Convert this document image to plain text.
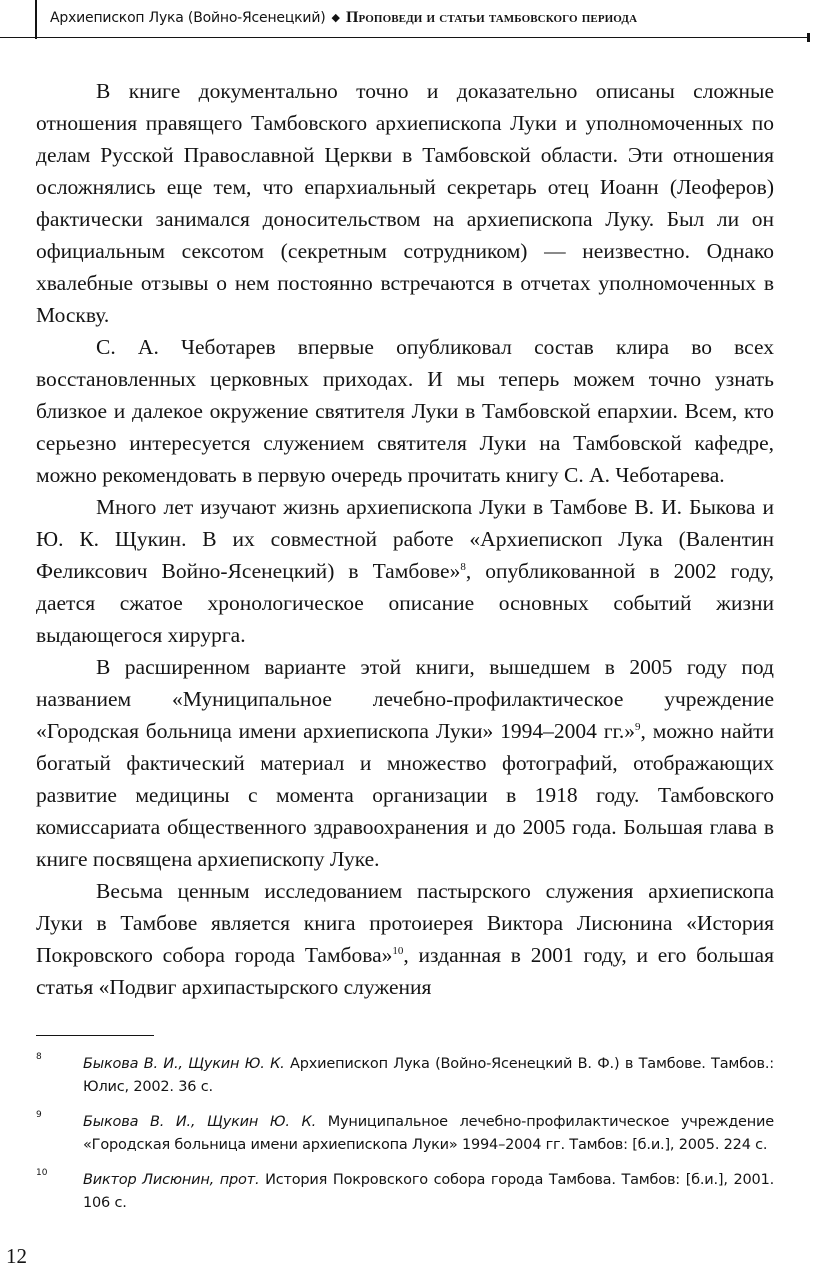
Архиепископ Лука (Войно-Ясенецкий) ◆ Проповеди и статьи тамбовского периода

В книге документально точно и доказательно описаны сложные отношения правящего Тамбовского архиепископа Луки и уполномоченных по делам Русской Православной Церкви в Тамбовской области. Эти отношения осложнялись еще тем, что епархиальный секретарь отец Иоанн (Леоферов) фактически занимался доносительством на архиепископа Луку. Был ли он официальным сексотом (секретным сотрудником) — неизвестно. Однако хвалебные отзывы о нем постоянно встречаются в отчетах уполномоченных в Москву.

С. А. Чеботарев впервые опубликовал состав клира во всех восстановленных церковных приходах. И мы теперь можем точно узнать близкое и далекое окружение святителя Луки в Тамбовской епархии. Всем, кто серьезно интересуется служением святителя Луки на Тамбовской кафедре, можно рекомендовать в первую очередь прочитать книгу С. А. Чеботарева.

Много лет изучают жизнь архиепископа Луки в Тамбове В. И. Быкова и Ю. К. Щукин. В их совместной работе «Архиепископ Лука (Валентин Феликсович Войно-Ясенецкий) в Тамбове»$^8$, опубликованной в 2002 году, дается сжатое хронологическое описание основных событий жизни выдающегося хирурга.

В расширенном варианте этой книги, вышедшем в 2005 году под названием «Муниципальное лечебно-профилактическое учреждение «Городская больница имени архиепископа Луки» 1994–2004 гг.»$^9$, можно найти богатый фактический материал и множество фотографий, отображающих развитие медицины с момента организации в 1918 году. Тамбовского комиссариата общественного здравоохранения и до 2005 года. Большая глава в книге посвящена архиепископу Луке.

Весьма ценным исследованием пастырского служения архиепископа Луки в Тамбове является книга протоиерея Виктора Лисюнина «История Покровского собора города Тамбова»$^{10}$, изданная в 2001 году, и его большая статья «Подвиг архипастырского служения

8	Быкова В. И., Щукин Ю. К. Архиепископ Лука (Войно-Ясенецкий В. Ф.) в Тамбове. Тамбов.: Юлис, 2002. 36 с.
9	Быкова В. И., Щукин Ю. К. Муниципальное лечебно-профилактическое учреждение «Городская больница имени архиепископа Луки» 1994–2004 гг. Тамбов: [б.и.], 2005. 224 с.
10 Виктор Лисюнин, прот. История Покровского собора города Тамбова. Тамбов: [б.и.], 2001. 106 с.
12
